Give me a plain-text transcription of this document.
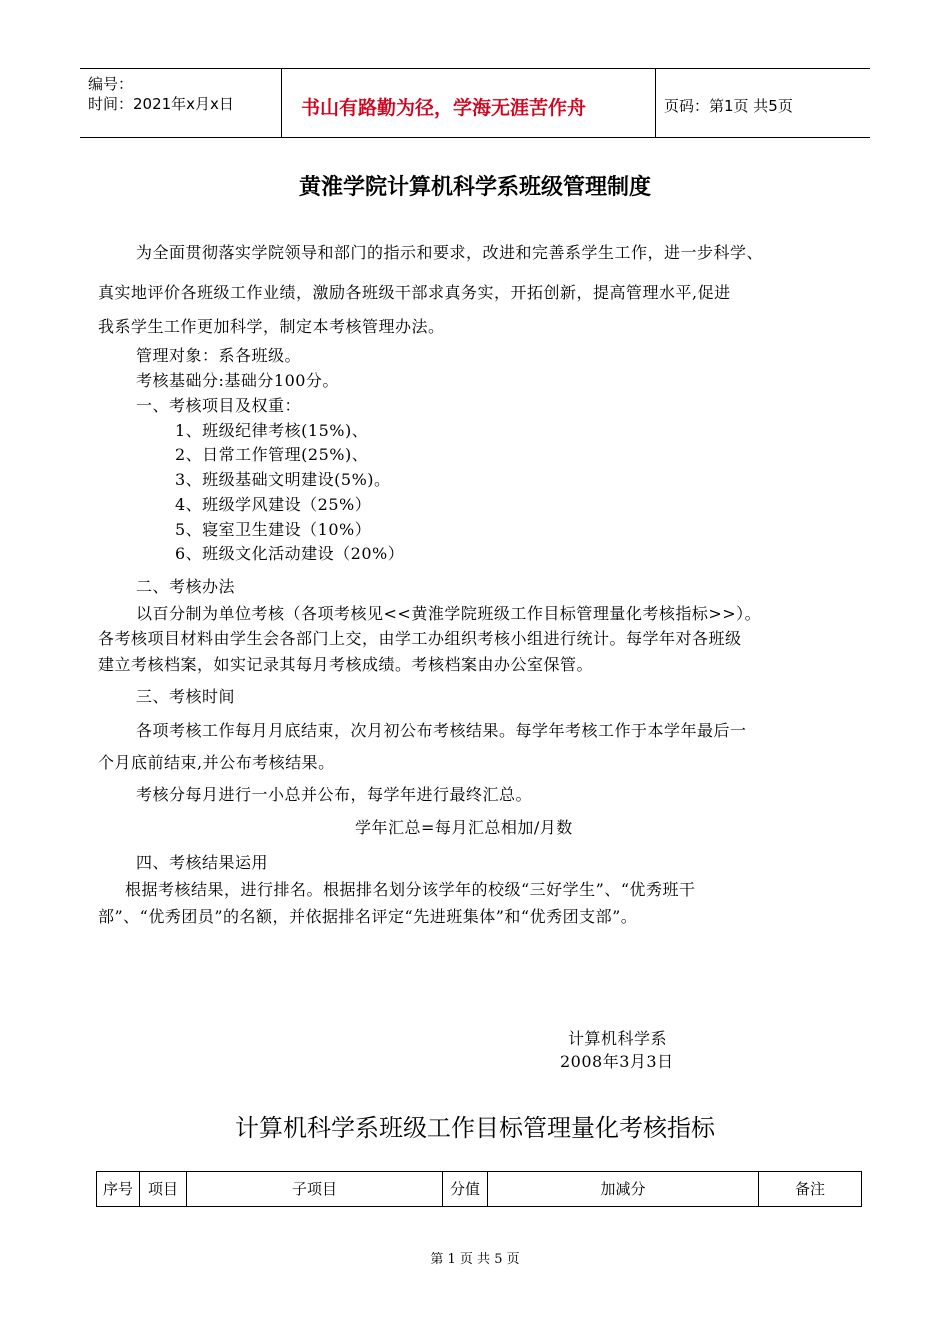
编号：
时间：2021年x月x日	书山有路勤为径，学海无涯苦作舟	页码：第1页 共5页
黄淮学院计算机科学系班级管理制度
为全面贯彻落实学院领导和部门的指示和要求，改进和完善系学生工作，进一步科学、
真实地评价各班级工作业绩，激励各班级干部求真务实，开拓创新，提高管理水平,促进
我系学生工作更加科学，制定本考核管理办法。
管理对象：系各班级。
考核基础分:基础分100分。
一、考核项目及权重：
1、班级纪律考核(15%)、
2、日常工作管理(25%)、
3、班级基础文明建设(5%)。
4、班级学风建设（25%）
5、寝室卫生建设（10%）
6、班级文化活动建设（20%）
二、考核办法
以百分制为单位考核（各项考核见<<黄淮学院班级工作目标管理量化考核指标>>）。
各考核项目材料由学生会各部门上交，由学工办组织考核小组进行统计。每学年对各班级
建立考核档案，如实记录其每月考核成绩。考核档案由办公室保管。
三、考核时间
各项考核工作每月月底结束，次月初公布考核结果。每学年考核工作于本学年最后一
个月底前结束,并公布考核结果。
考核分每月进行一小总并公布，每学年进行最终汇总。
学年汇总=每月汇总相加/月数
四、考核结果运用
根据考核结果，进行排名。根据排名划分该学年的校级“三好学生”、“优秀班干
部”、“优秀团员”的名额，并依据排名评定“先进班集体”和“优秀团支部”。
计算机科学系
2008年3月3日
计算机科学系班级工作目标管理量化考核指标
序号 项目	子项目	分值	加减分	备注
第 1 页 共 5 页
